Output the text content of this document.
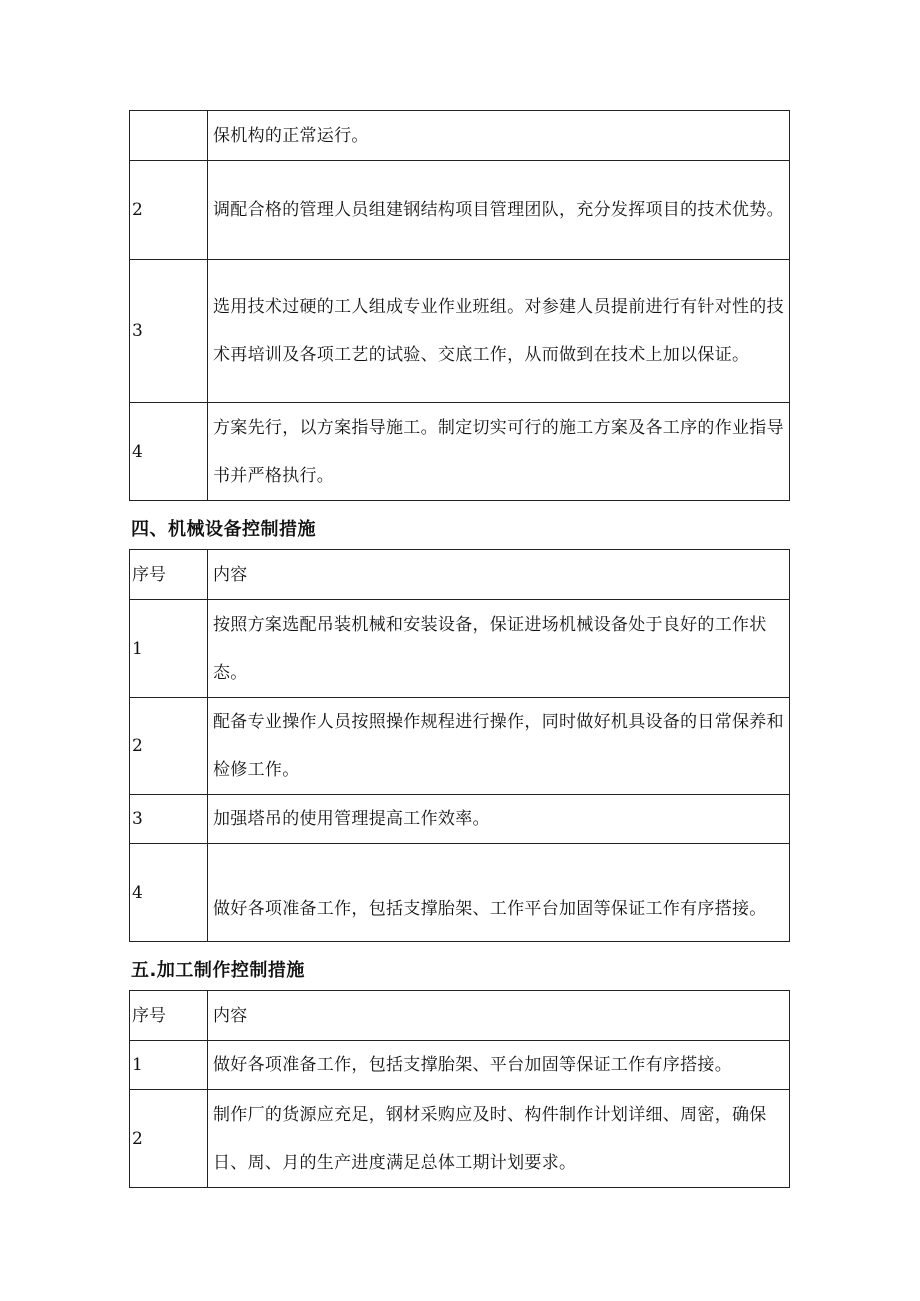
	保机构的正常运行。
2	调配合格的管理人员组建钢结构项目管理团队，充分发挥项目的技术优势。
3	选用技术过硬的工人组成专业作业班组。对参建人员提前进行有针对性的技术再培训及各项工艺的试验、交底工作，从而做到在技术上加以保证。
4	方案先行，以方案指导施工。制定切实可行的施工方案及各工序的作业指导书并严格执行。
四、机械设备控制措施
序号	内容
1	按照方案选配吊装机械和安装设备，保证进场机械设备处于良好的工作状态。
2	配备专业操作人员按照操作规程进行操作，同时做好机具设备的日常保养和检修工作。
3	加强塔吊的使用管理提高工作效率。
4	做好各项准备工作，包括支撑胎架、工作平台加固等保证工作有序搭接。
五.加工制作控制措施
序号	内容
1	做好各项准备工作，包括支撑胎架、平台加固等保证工作有序搭接。
2	制作厂的货源应充足，钢材采购应及时、构件制作计划详细、周密，确保日、周、月的生产进度满足总体工期计划要求。
